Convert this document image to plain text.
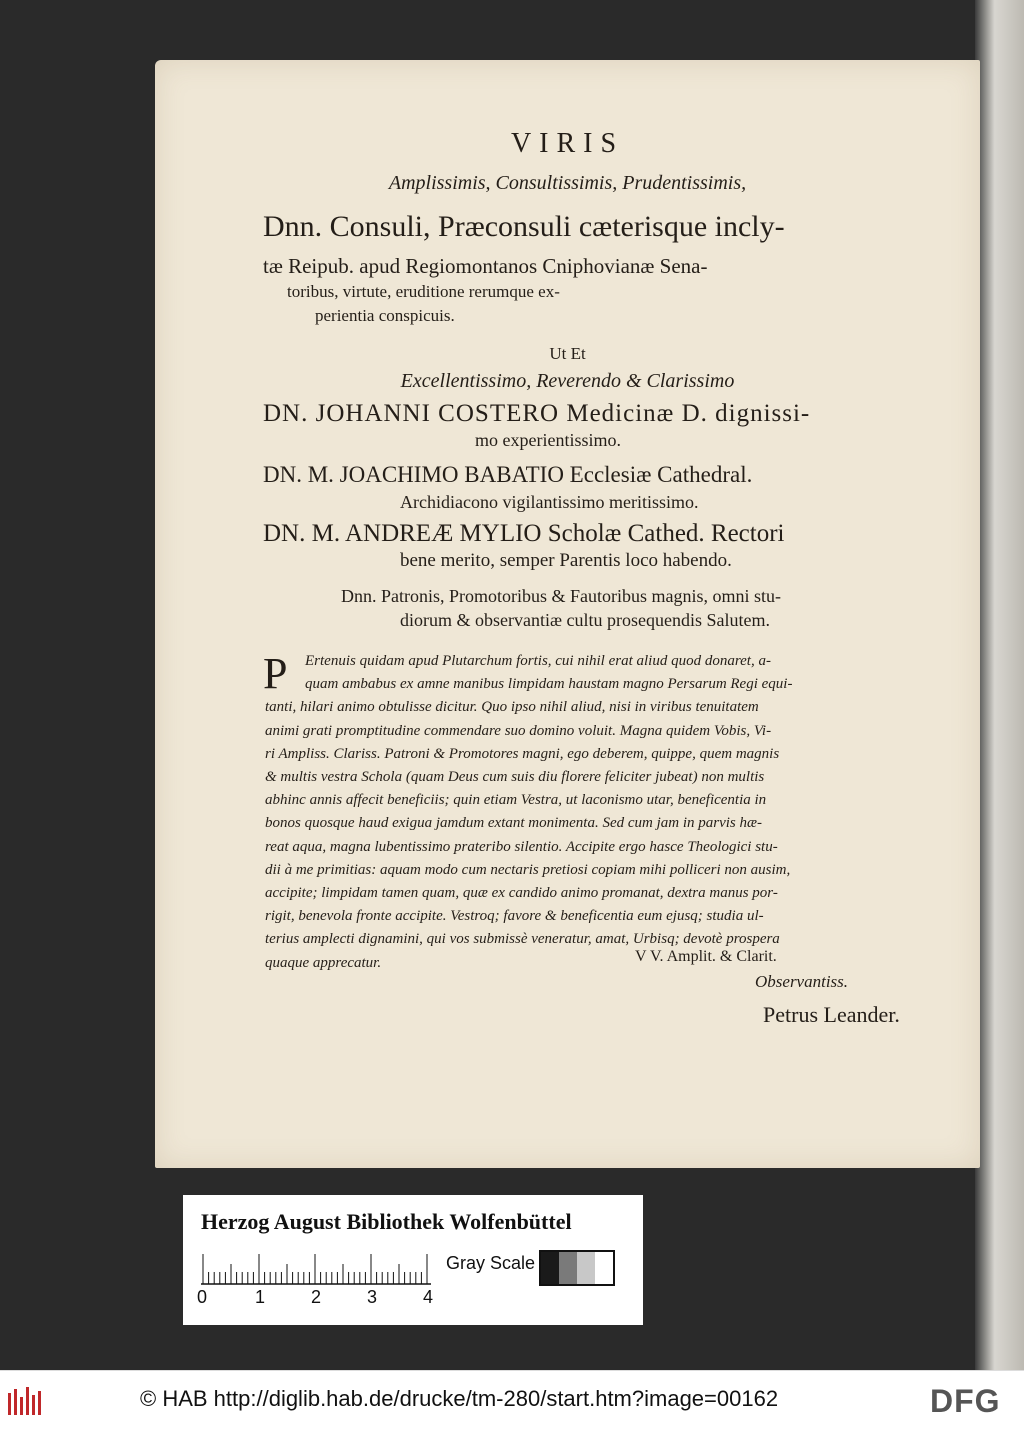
VIRIS
Amplissimis, Consultissimis, Prudentissimis,
Dnn. Consuli, Præconsuli cæterisque incly-
tæ Reipub. apud Regiomontanos Cniphovianæ Sena-
toribus, virtute, eruditione rerumque ex-
perientia conspicuis.
Ut Et
Excellentissimo, Reverendo & Clarissimo
DN. JOHANNI COSTERO Medicinæ D. dignissi-
mo experientissimo.
DN. M. JOACHIMO BABATIO Ecclesiæ Cathedral.
Archidiacono vigilantissimo meritissimo.
DN. M. ANDREÆ MYLIO Scholæ Cathed. Rectori
bene merito, semper Parentis loco habendo.
Dnn. Patronis, Promotoribus & Fautoribus magnis, omni stu-
diorum & observantiæ cultu prosequendis Salutem.
P	Ertenuis quidam apud Plutarchum fortis, cui nihil erat aliud quod donaret, a-
quam ambabus ex amne manibus limpidam haustam magno Persarum Regi equi-
tanti, hilari animo obtulisse dicitur. Quo ipso nihil aliud, nisi in viribus tenuitatem
animi grati promptitudine commendare suo domino voluit. Magna quidem Vobis, Vi-
ri Ampliss. Clariss. Patroni & Promotores magni, ego deberem, quippe, quem magnis
& multis vestra Schola (quam Deus cum suis diu florere feliciter jubeat) non multis
abhinc annis affecit beneficiis; quin etiam Vestra, ut laconismo utar, beneficentia in
bonos quosque haud exigua jamdum extant monimenta. Sed cum jam in parvis hæ-
reat aqua, magna lubentissimo prateribo silentio. Accipite ergo hasce Theologici stu-
dii à me primitias: aquam modo cum nectaris pretiosi copiam mihi polliceri non ausim,
accipite; limpidam tamen quam, quæ ex candido animo promanat, dextra manus por-
rigit, benevola fronte accipite. Vestroq; favore & beneficentia eum ejusq; studia ul-
terius amplecti dignamini, qui vos submissè veneratur, amat, Urbisq; devotè prospera
quaque apprecatur.	V V. Amplit. & Clarit.
Observantiss.
Petrus Leander.
Herzog August Bibliothek Wolfenbüttel
0	1	2	3	4
Gray Scale
© HAB http://diglib.hab.de/drucke/tm-280/start.htm?image=00162	DFG
